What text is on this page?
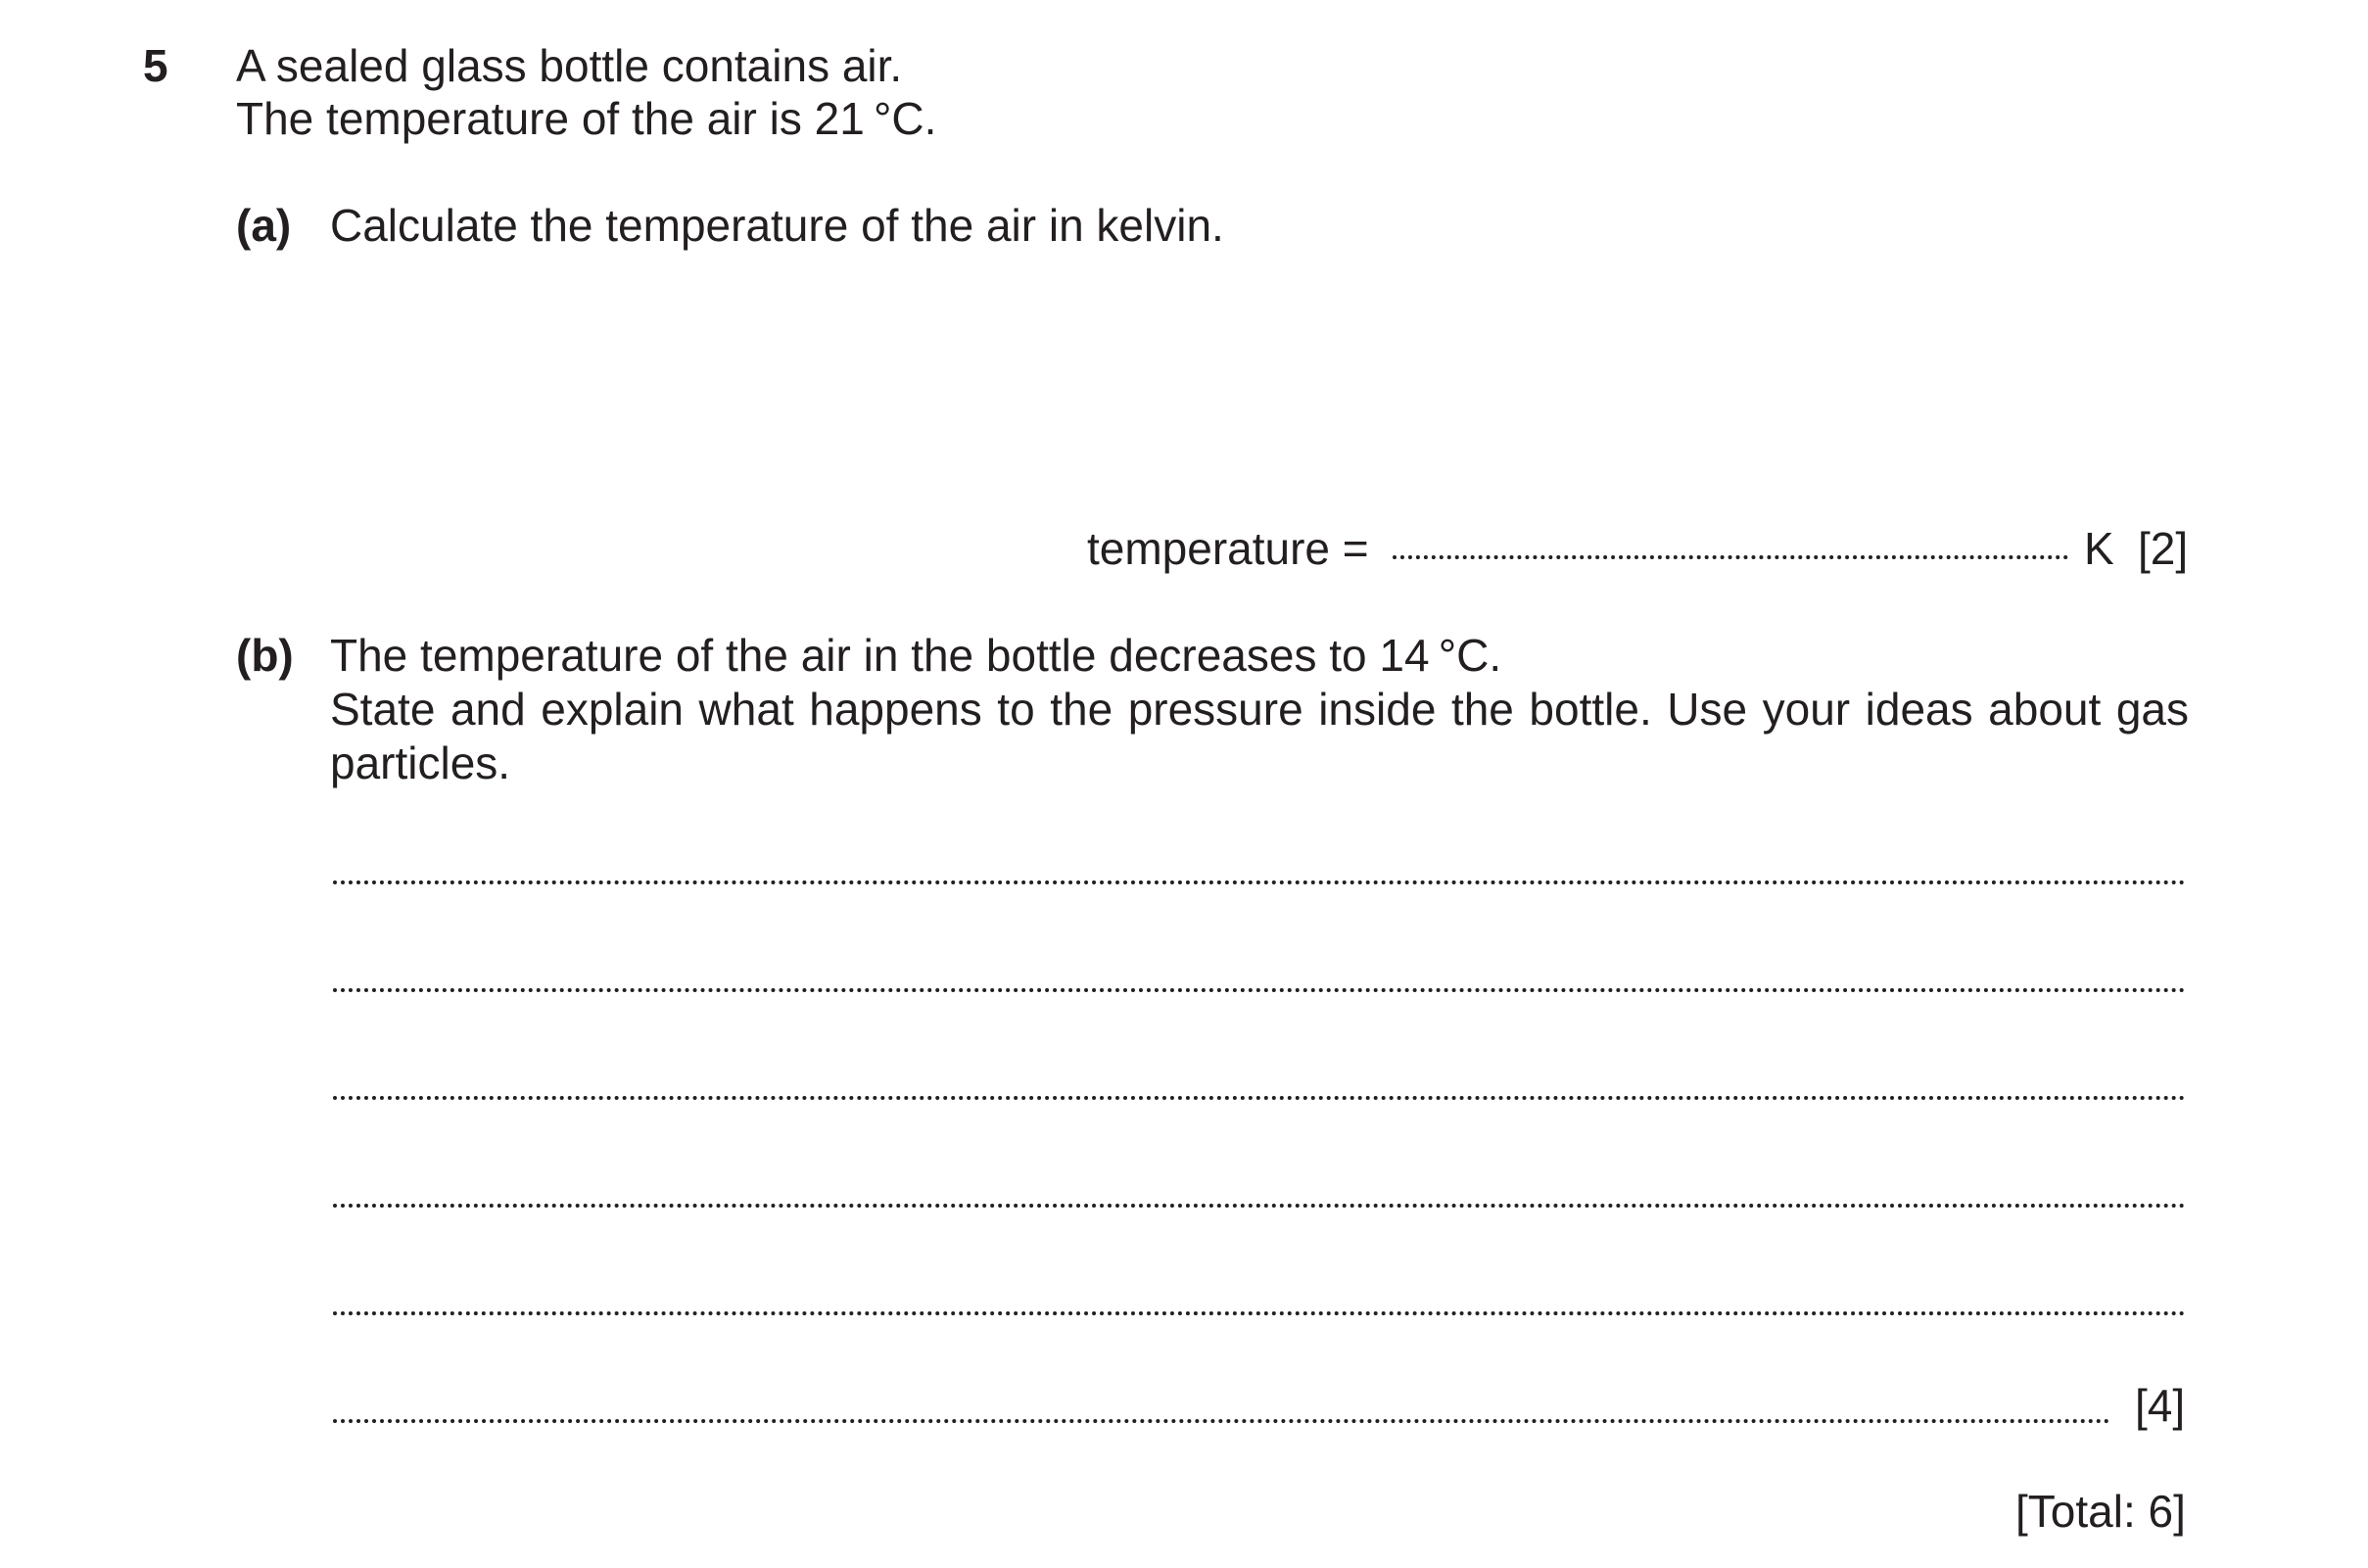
5 A sealed glass bottle contains air.
The temperature of the air is 21 °C.
(a) Calculate the temperature of the air in kelvin.
temperature =	K [2]
(b) The temperature of the air in the bottle decreases to 14 °C.
State and explain what happens to the pressure inside the bottle. Use your ideas about gas
particles.
[4]
[Total: 6]
